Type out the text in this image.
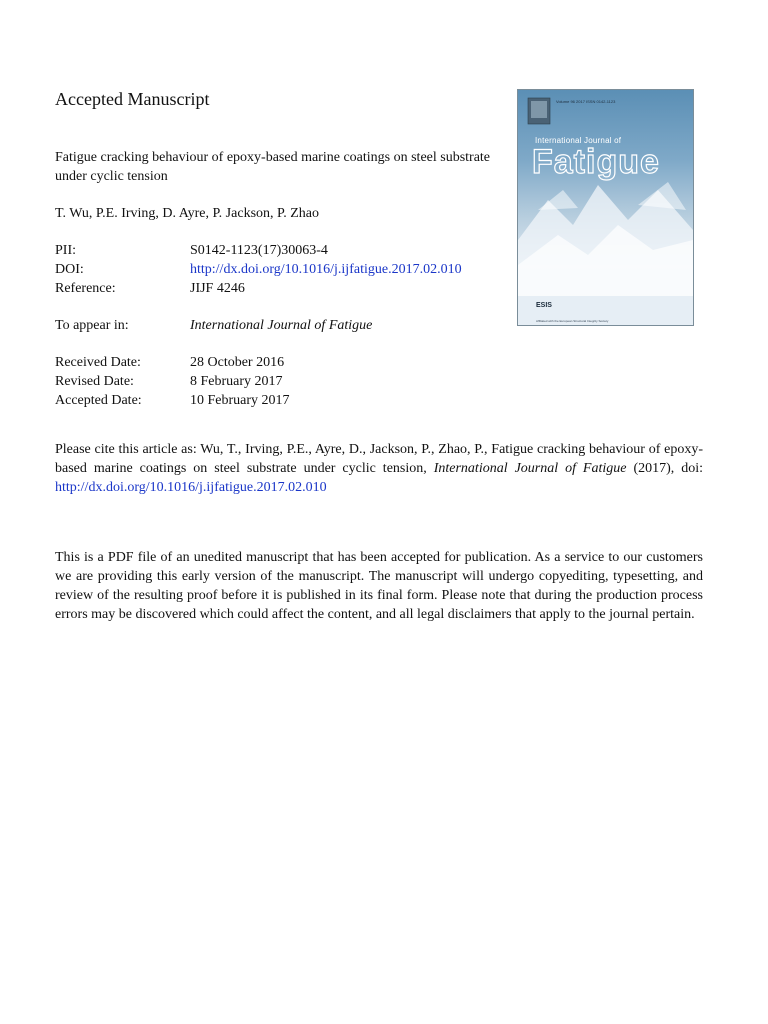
Accepted Manuscript
Fatigue cracking behaviour of epoxy-based marine coatings on steel substrate under cyclic tension
T. Wu, P.E. Irving, D. Ayre, P. Jackson, P. Zhao
PII:	S0142-1123(17)30063-4
DOI:	http://dx.doi.org/10.1016/j.ijfatigue.2017.02.010
Reference:	JIJF 4246
To appear in:	International Journal of Fatigue
Received Date:	28 October 2016
Revised Date:	8 February 2017
Accepted Date:	10 February 2017
Please cite this article as: Wu, T., Irving, P.E., Ayre, D., Jackson, P., Zhao, P., Fatigue cracking behaviour of epoxy-based marine coatings on steel substrate under cyclic tension, International Journal of Fatigue (2017), doi: http://dx.doi.org/10.1016/j.ijfatigue.2017.02.010
This is a PDF file of an unedited manuscript that has been accepted for publication. As a service to our customers we are providing this early version of the manuscript. The manuscript will undergo copyediting, typesetting, and review of the resulting proof before it is published in its final form. Please note that during the production process errors may be discovered which could affect the content, and all legal disclaimers that apply to the journal pertain.
Volume 96 2017 ISSN 0142-1123
International Journal of
Fatigue
ESIS
Affiliated with the European Structural Integrity Society
